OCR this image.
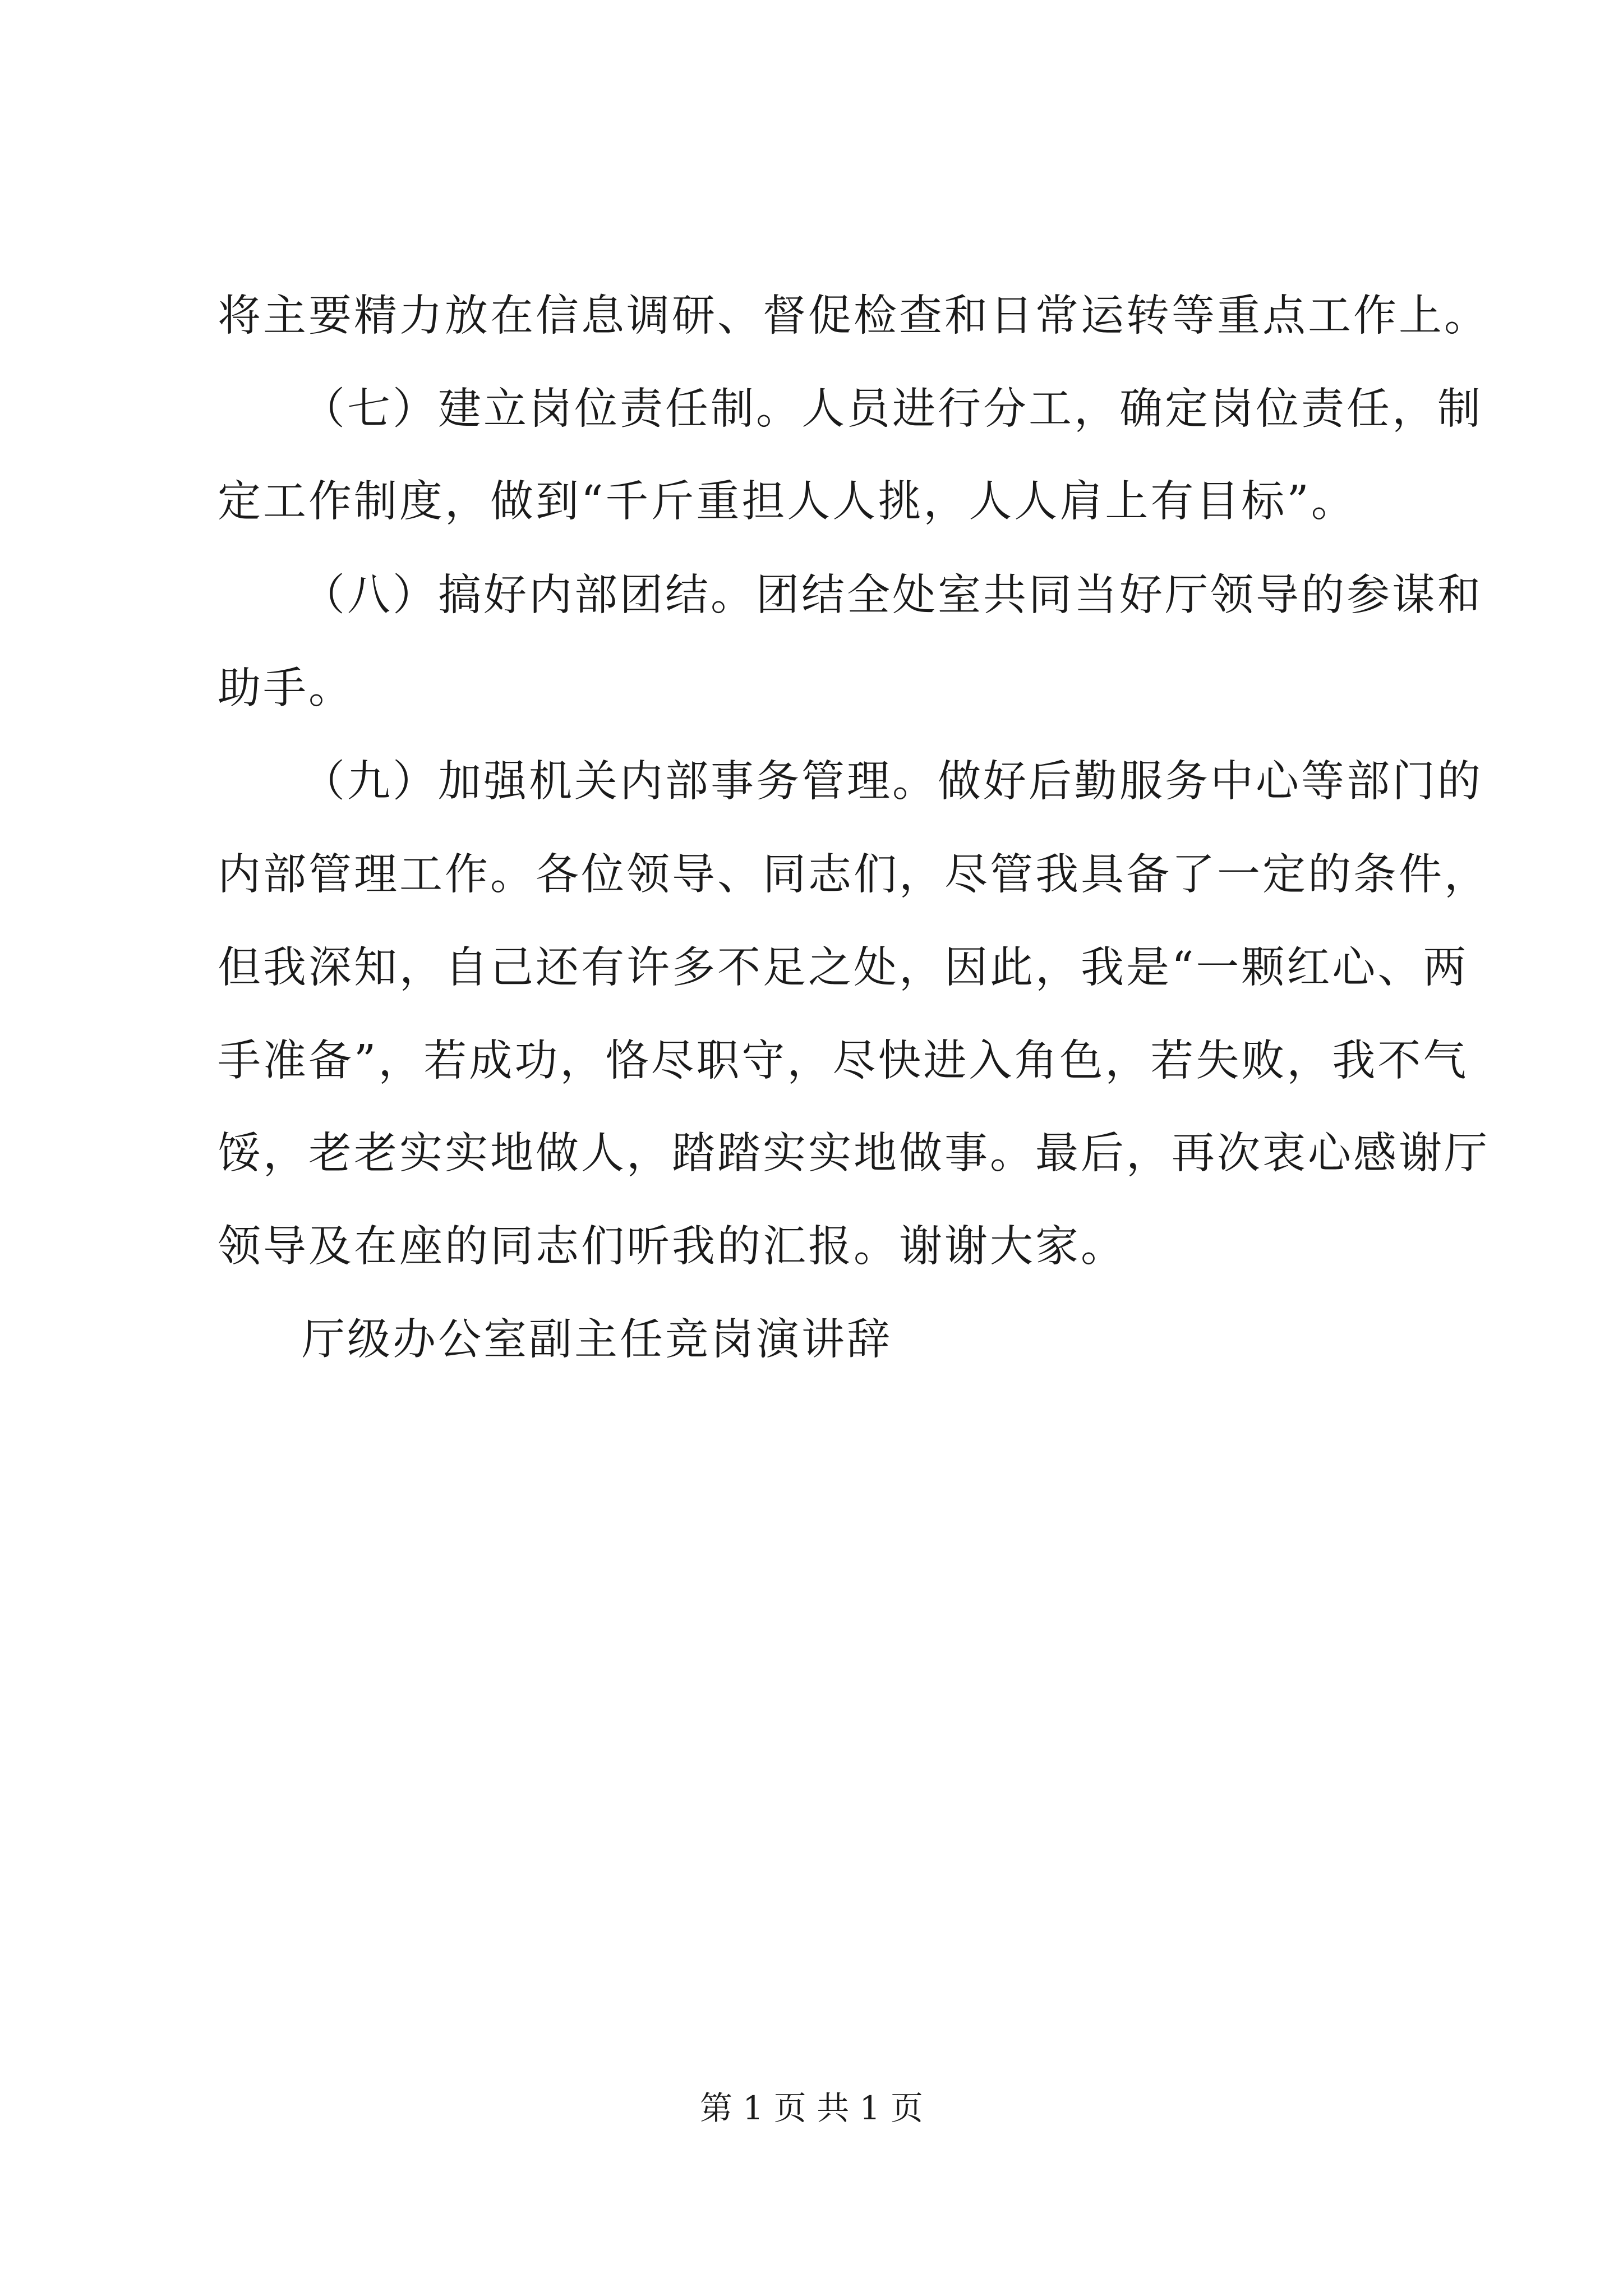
将主要精力放在信息调研、督促检查和日常运转等重点工作上。
（七）建立岗位责任制。人员进行分工，确定岗位责任，制
定工作制度，做到“千斤重担人人挑，人人肩上有目标”。
（八）搞好内部团结。团结全处室共同当好厅领导的参谋和
助手。
（九）加强机关内部事务管理。做好后勤服务中心等部门的
内部管理工作。各位领导、同志们，尽管我具备了一定的条件，
但我深知，自己还有许多不足之处，因此，我是“一颗红心、两
手准备”，若成功，恪尽职守，尽快进入角色，若失败，我不气
馁，老老实实地做人，踏踏实实地做事。最后，再次衷心感谢厅
领导及在座的同志们听我的汇报。谢谢大家。
厅级办公室副主任竞岗演讲辞
第 1 页 共 1 页
